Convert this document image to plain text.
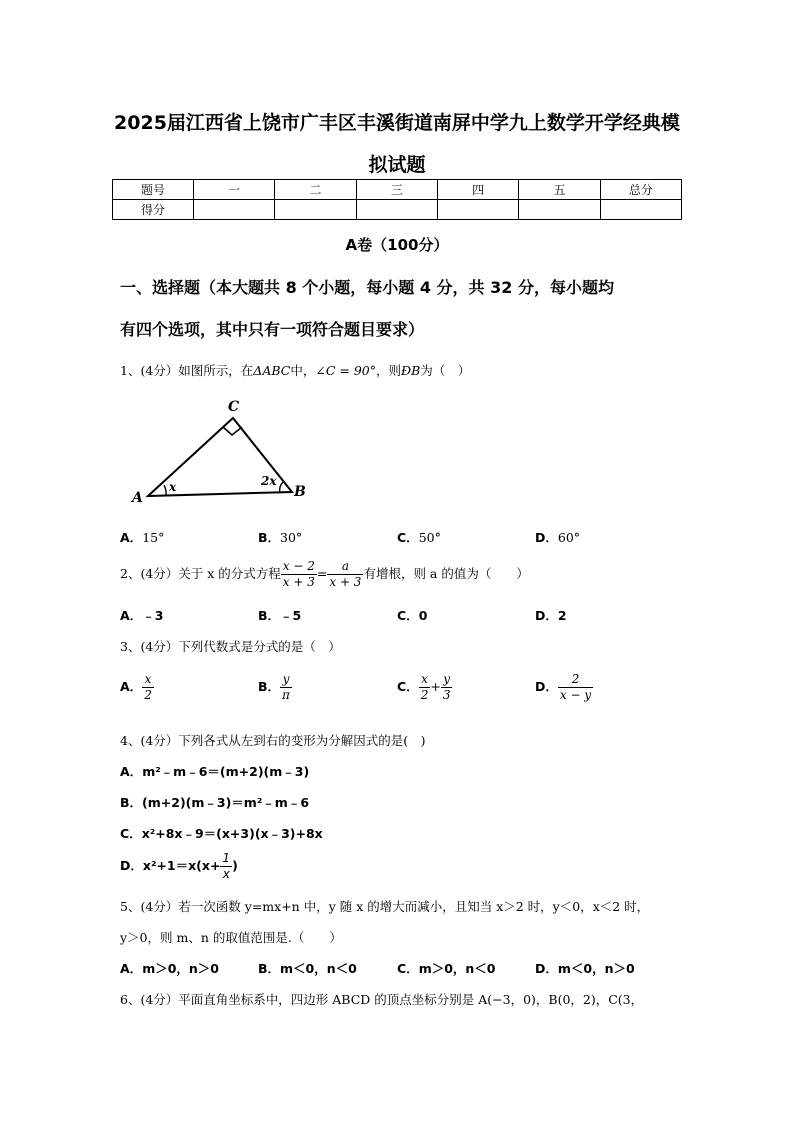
2025届江西省上饶市广丰区丰溪街道南屏中学九上数学开学经典模
拟试题
题号	一	二	三	四	五	总分
得分						
A卷（100分）
一、选择题（本大题共 8 个小题，每小题 4 分，共 32 分，每小题均
有四个选项，其中只有一项符合题目要求）
1、(4分）如图所示，在ΔABC中，∠C = 90°，则ÐB为（　）
C
A	B
x	2x
A．15°	B．30°	C．50°	D．60°
2、(4分）关于 x 的分式方程 $\frac{x - 2}{x + 3} = \frac{a}{x + 3}$ 有增根，则 a 的值为（　　）
A．﹣3	B．﹣5	C．0	D．2
3、(4分）下列代数式是分式的是（　）
A． $\frac{x}{2}$	B． $\frac{y}{\pi}$	C． $\frac{x}{2} + \frac{y}{3}$	D． $\frac{2}{x - y}$
4、(4分）下列各式从左到右的变形为分解因式的是(　)
A．m²﹣m﹣6＝(m+2)(m﹣3)
B．(m+2)(m﹣3)＝m²﹣m﹣6
C．x²+8x﹣9＝(x+3)(x﹣3)+8x
D．$x^2+1=x(x+ \frac{1}{x}$ )
5、(4分）若一次函数 y=mx+n 中，y 随 x 的增大而减小，且知当 x＞2 时，y＜0，x＜2 时，
y＞0，则 m、n 的取值范围是.（　　）
A．m＞0，n＞0	B．m＜0，n＜0	C．m＞0，n＜0	D．m＜0，n＞0
6、(4分）平面直角坐标系中，四边形 ABCD 的顶点坐标分别是 A(−3，0)，B(0，2)，C(3，
